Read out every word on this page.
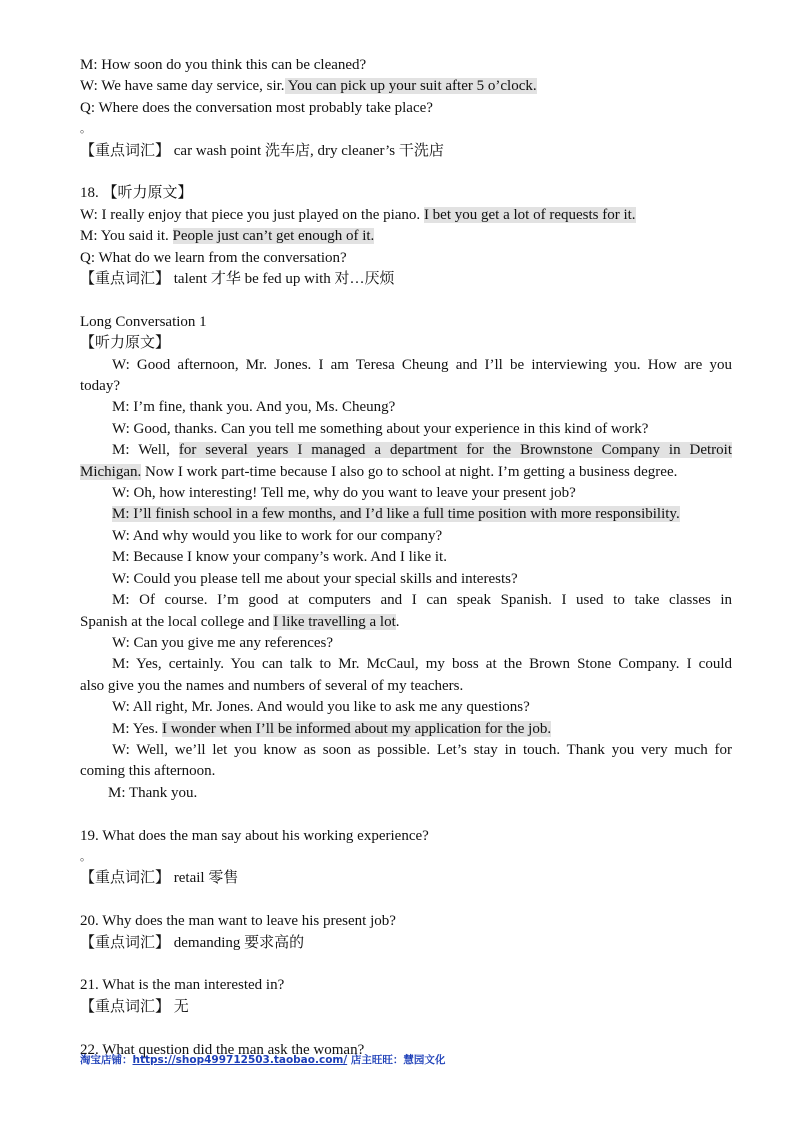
M: How soon do you think this can be cleaned?
W: We have same day service, sir. You can pick up your suit after 5 o’clock.
Q: Where does the conversation most probably take place?
。
【重点词汇】 car wash point 洗车店, dry cleaner’s 干洗店
18. 【听力原文】
W: I really enjoy that piece you just played on the piano. I bet you get a lot of requests for it.
M: You said it. People just can’t get enough of it.
Q: What do we learn from the conversation?
【重点词汇】 talent 才华 be fed up with 对…厌烦
Long Conversation 1
【听力原文】
W: Good afternoon, Mr. Jones. I am Teresa Cheung and I’ll be interviewing you. How are you
today?
M: I’m fine, thank you. And you, Ms. Cheung?
W: Good, thanks. Can you tell me something about your experience in this kind of work?
M: Well, for several years I managed a department for the Brownstone Company in Detroit
Michigan. Now I work part-time because I also go to school at night. I’m getting a business degree.
W: Oh, how interesting! Tell me, why do you want to leave your present job?
M: I’ll finish school in a few months, and I’d like a full time position with more responsibility.
W: And why would you like to work for our company?
M: Because I know your company’s work. And I like it.
W: Could you please tell me about your special skills and interests?
M: Of course. I’m good at computers and I can speak Spanish. I used to take classes in
Spanish at the local college and I like travelling a lot.
W: Can you give me any references?
M: Yes, certainly. You can talk to Mr. McCaul, my boss at the Brown Stone Company. I could
also give you the names and numbers of several of my teachers.
W: All right, Mr. Jones. And would you like to ask me any questions?
M: Yes. I wonder when I’ll be informed about my application for the job.
W: Well, we’ll let you know as soon as possible. Let’s stay in touch. Thank you very much for
coming this afternoon.
M: Thank you.
19. What does the man say about his working experience?
。
【重点词汇】 retail 零售
20. Why does the man want to leave his present job?
【重点词汇】 demanding 要求高的
21. What is the man interested in?
【重点词汇】 无
22. What question did the man ask the woman?
淘宝店铺：https://shop499712503.taobao.com/ 店主旺旺：慧园文化
